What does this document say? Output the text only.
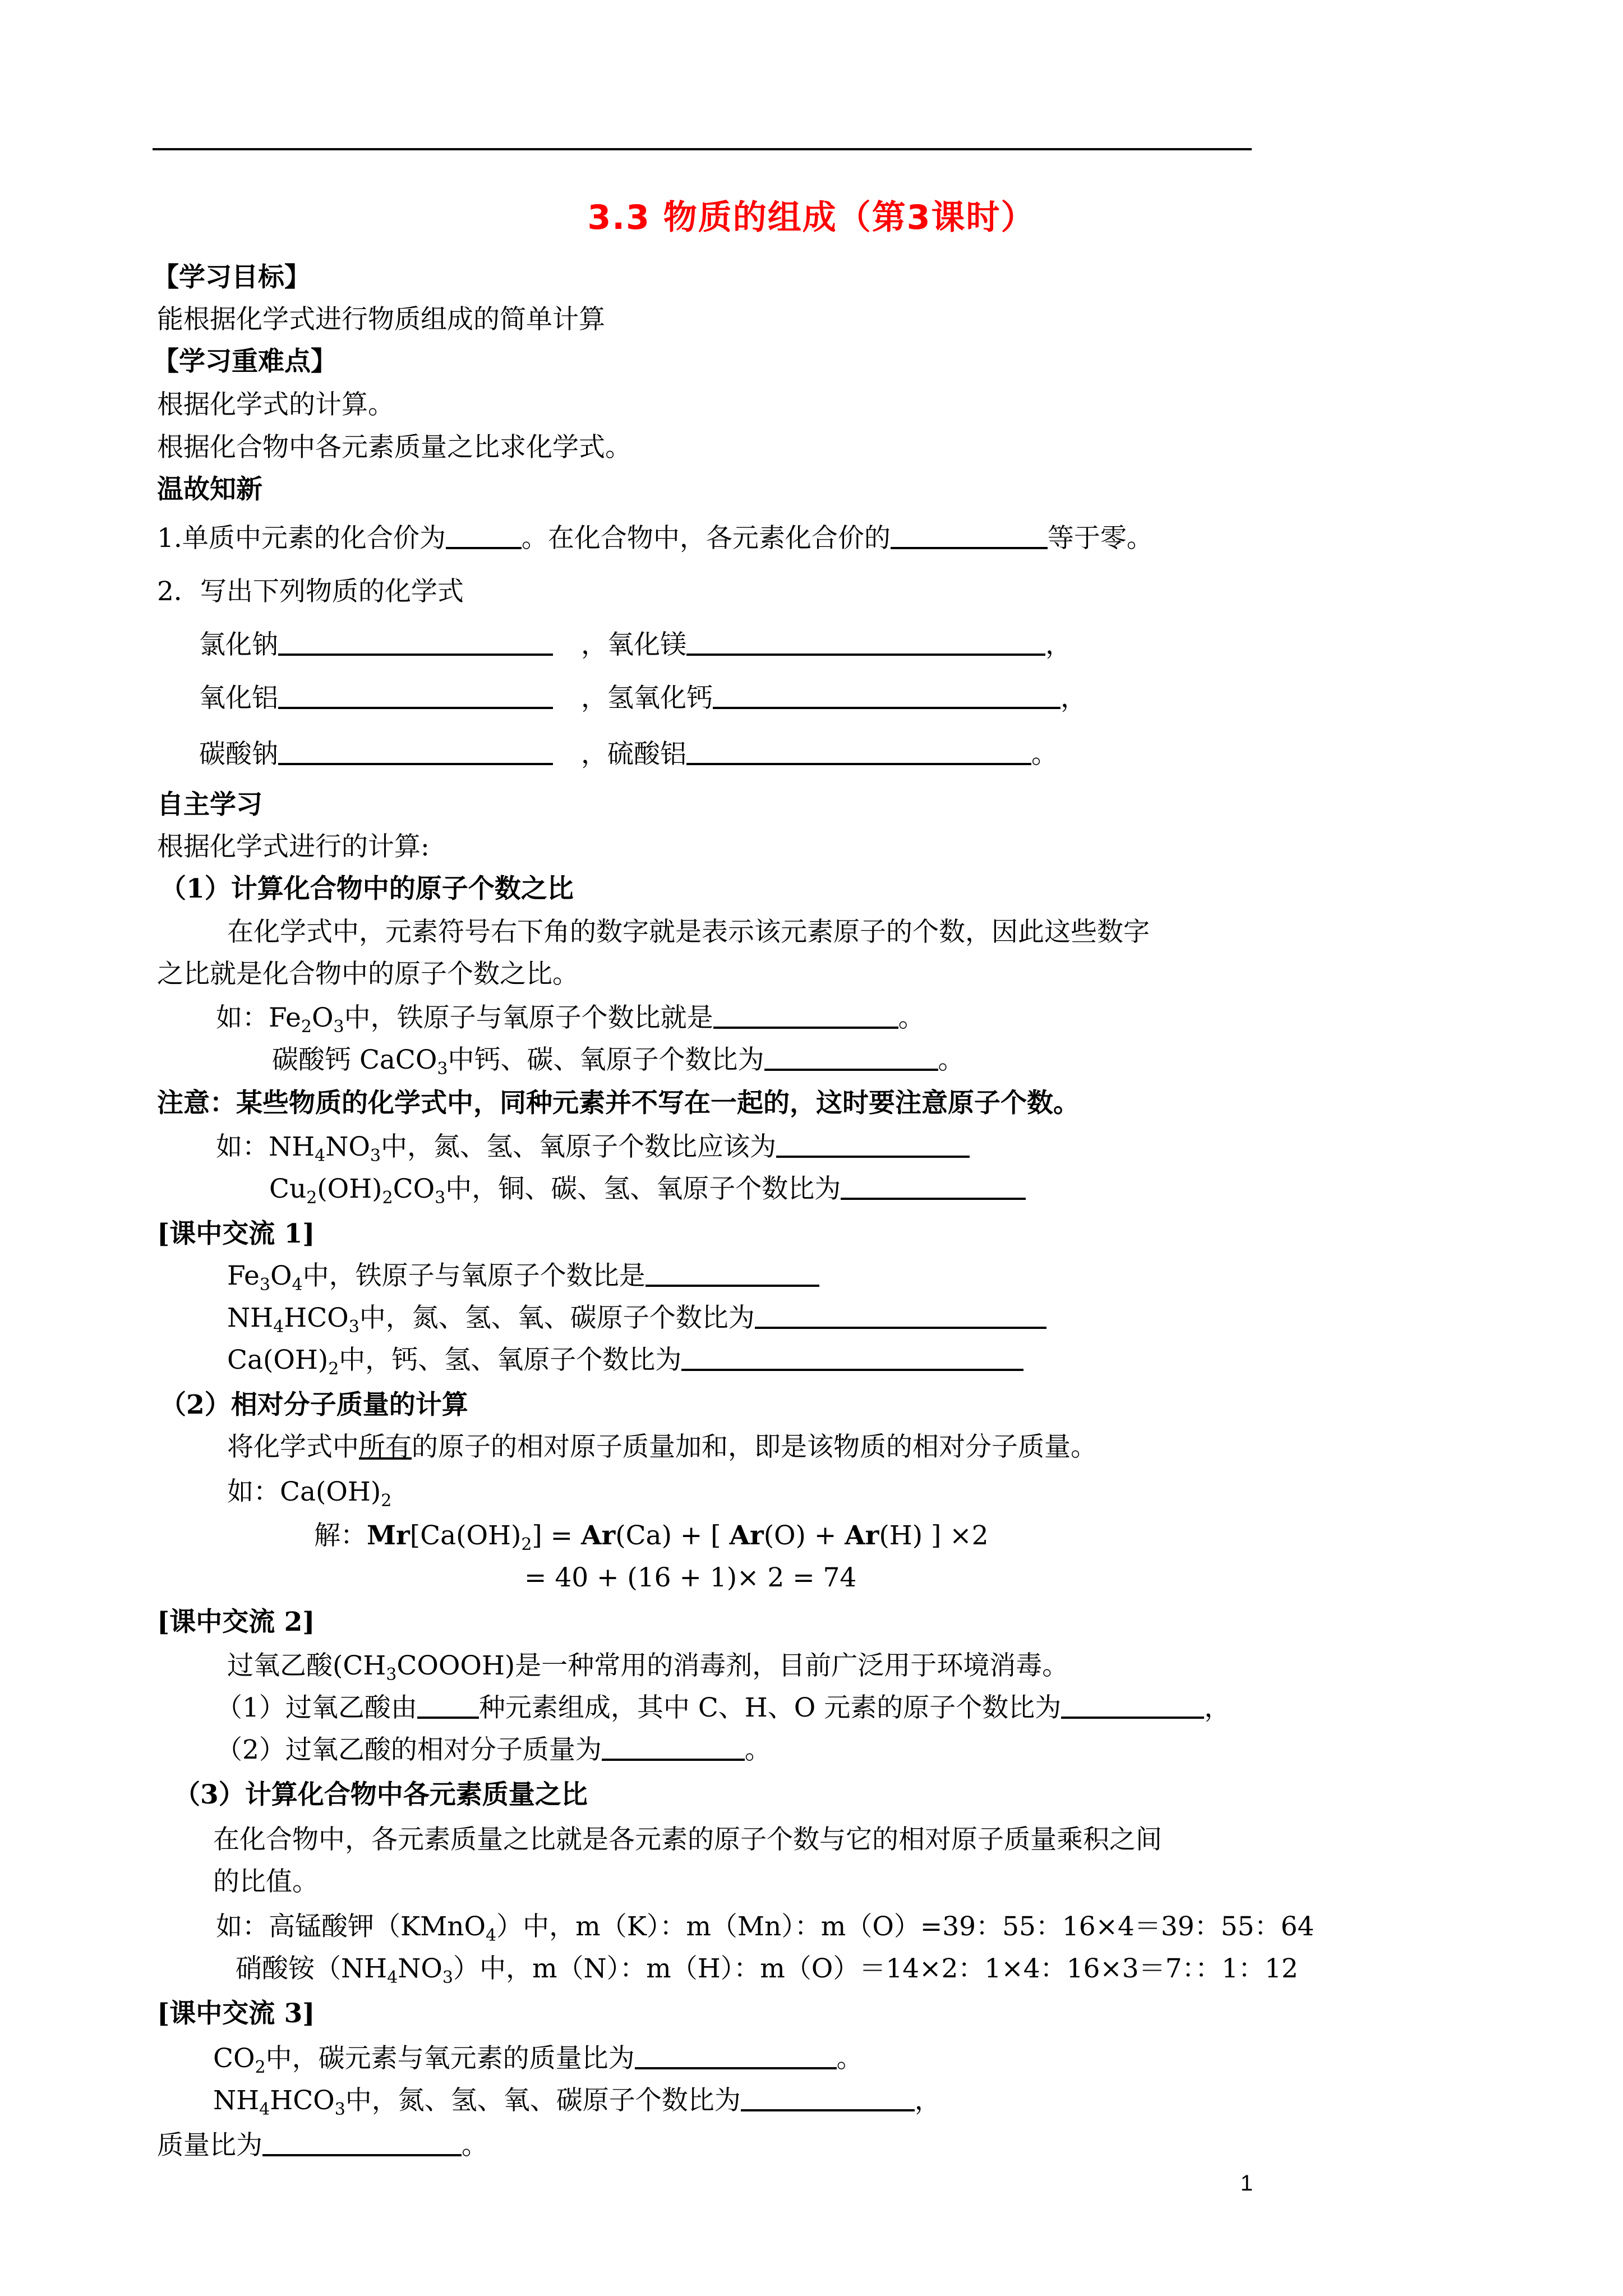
3.3 物质的组成（第3课时）
【学习目标】
能根据化学式进行物质组成的简单计算
【学习重难点】
根据化学式的计算。
根据化合物中各元素质量之比求化学式。
温故知新
1.单质中元素的化合价为	。在化合物中，各元素化合价的	等于零。
2．写出下列物质的化学式
氯化钠	，氧化镁	，
氧化铝	，氢氧化钙	，
碳酸钠	，硫酸铝	。
自主学习
根据化学式进行的计算:
（1）计算化合物中的原子个数之比
在化学式中，元素符号右下角的数字就是表示该元素原子的个数，因此这些数字
之比就是化合物中的原子个数之比。
如：$Fe_2O_3$中，铁原子与氧原子个数比就是	。
碳酸钙 CaCO$_3$中钙、碳、氧原子个数比为	。
注意：某些物质的化学式中，同种元素并不写在一起的，这时要注意原子个数。
如：$NH_4NO_3$中，氮、氢、氧原子个数比应该为
$Cu_2(OH)_2CO_3$中，铜、碳、氢、氧原子个数比为
[课中交流 1]
$Fe_3O_4$中，铁原子与氧原子个数比是
$NH_4HCO_3$中，氮、氢、氧、碳原子个数比为
$Ca(OH)_2$中，钙、氢、氧原子个数比为
（2）相对分子质量的计算
将化学式中所有的原子的相对原子质量加和，即是该物质的相对分子质量。
如：$Ca(OH)_2$
解：$Mr[Ca(OH)_2] = Ar(Ca)$ + [ Ar(O) + Ar(H) ] ×2
= 40 + (16 + 1)× 2 = 74
[课中交流 2]
过氧乙酸$(CH_3COOOH)$是一种常用的消毒剂，目前广泛用于环境消毒。
（1）过氧乙酸由 种元素组成，其中 C、H、O 元素的原子个数比为	，
（2）过氧乙酸的相对分子质量为	。
（3）计算化合物中各元素质量之比
在化合物中，各元素质量之比就是各元素的原子个数与它的相对原子质量乘积之间
的比值。
如：高锰酸钾（KMnO$_4$）中，m（K）：m（Mn）：m（O）=39：55：16×4＝39：55：64
硝酸铵$(NH_4NO_3)$中，m（N）：m（H）：m（O）＝14×2：1×4：16×3＝7：：1：12
[课中交流 3]
$CO_2$中，碳元素与氧元素的质量比为	。
$NH_4HCO_3$中，氮、氢、氧、碳原子个数比为	，
质量比为	。
1
